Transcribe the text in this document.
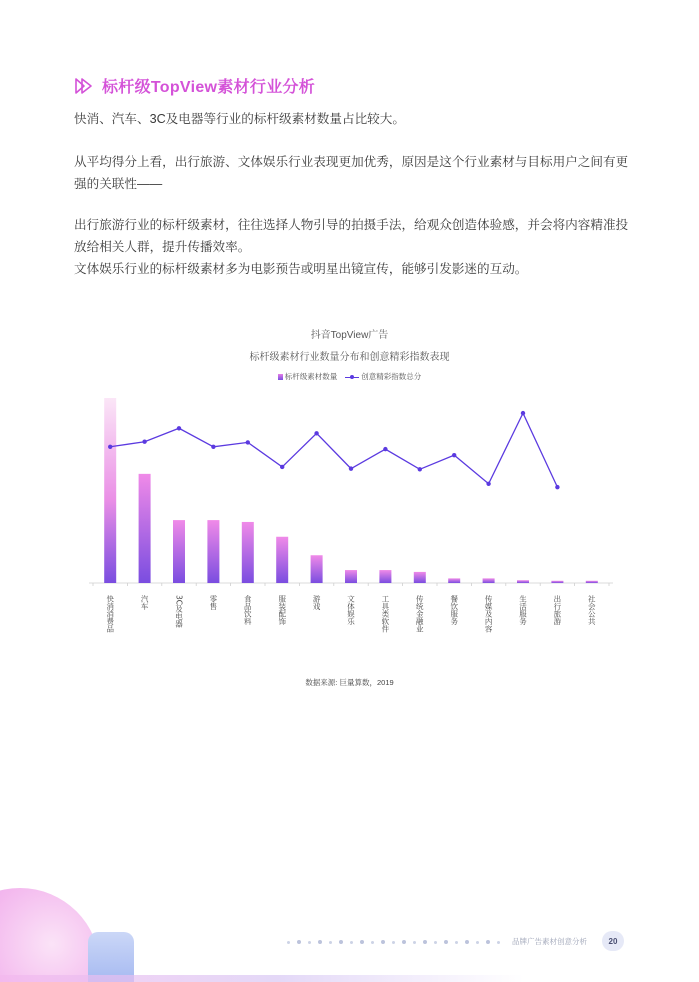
标杆级TopView素材行业分析

快消、汽车、3C及电器等行业的标杆级素材数量占比较大。

从平均得分上看，出行旅游、文体娱乐行业表现更加优秀，原因是这个行业素材与目标用户之间有更强的关联性——

出行旅游行业的标杆级素材，往往选择人物引导的拍摄手法，给观众创造体验感，并会将内容精准投放给相关人群，提升传播效率。
文体娱乐行业的标杆级素材多为电影预告或明星出镜宣传，能够引发影迷的互动。
抖音TopView广告
标杆级素材行业数量分布和创意精彩指数表现
标杆级素材数量	创意精彩指数总分
快消消费品	汽车	3C及电器	零售	食品饮料	服装配饰	游戏	文体娱乐	工具类软件	传统金融业	餐饮服务	传媒及内容	生活服务	出行旅游	社会公共
数据来源: 巨量算数，2019
品牌广告素材创意分析	20
